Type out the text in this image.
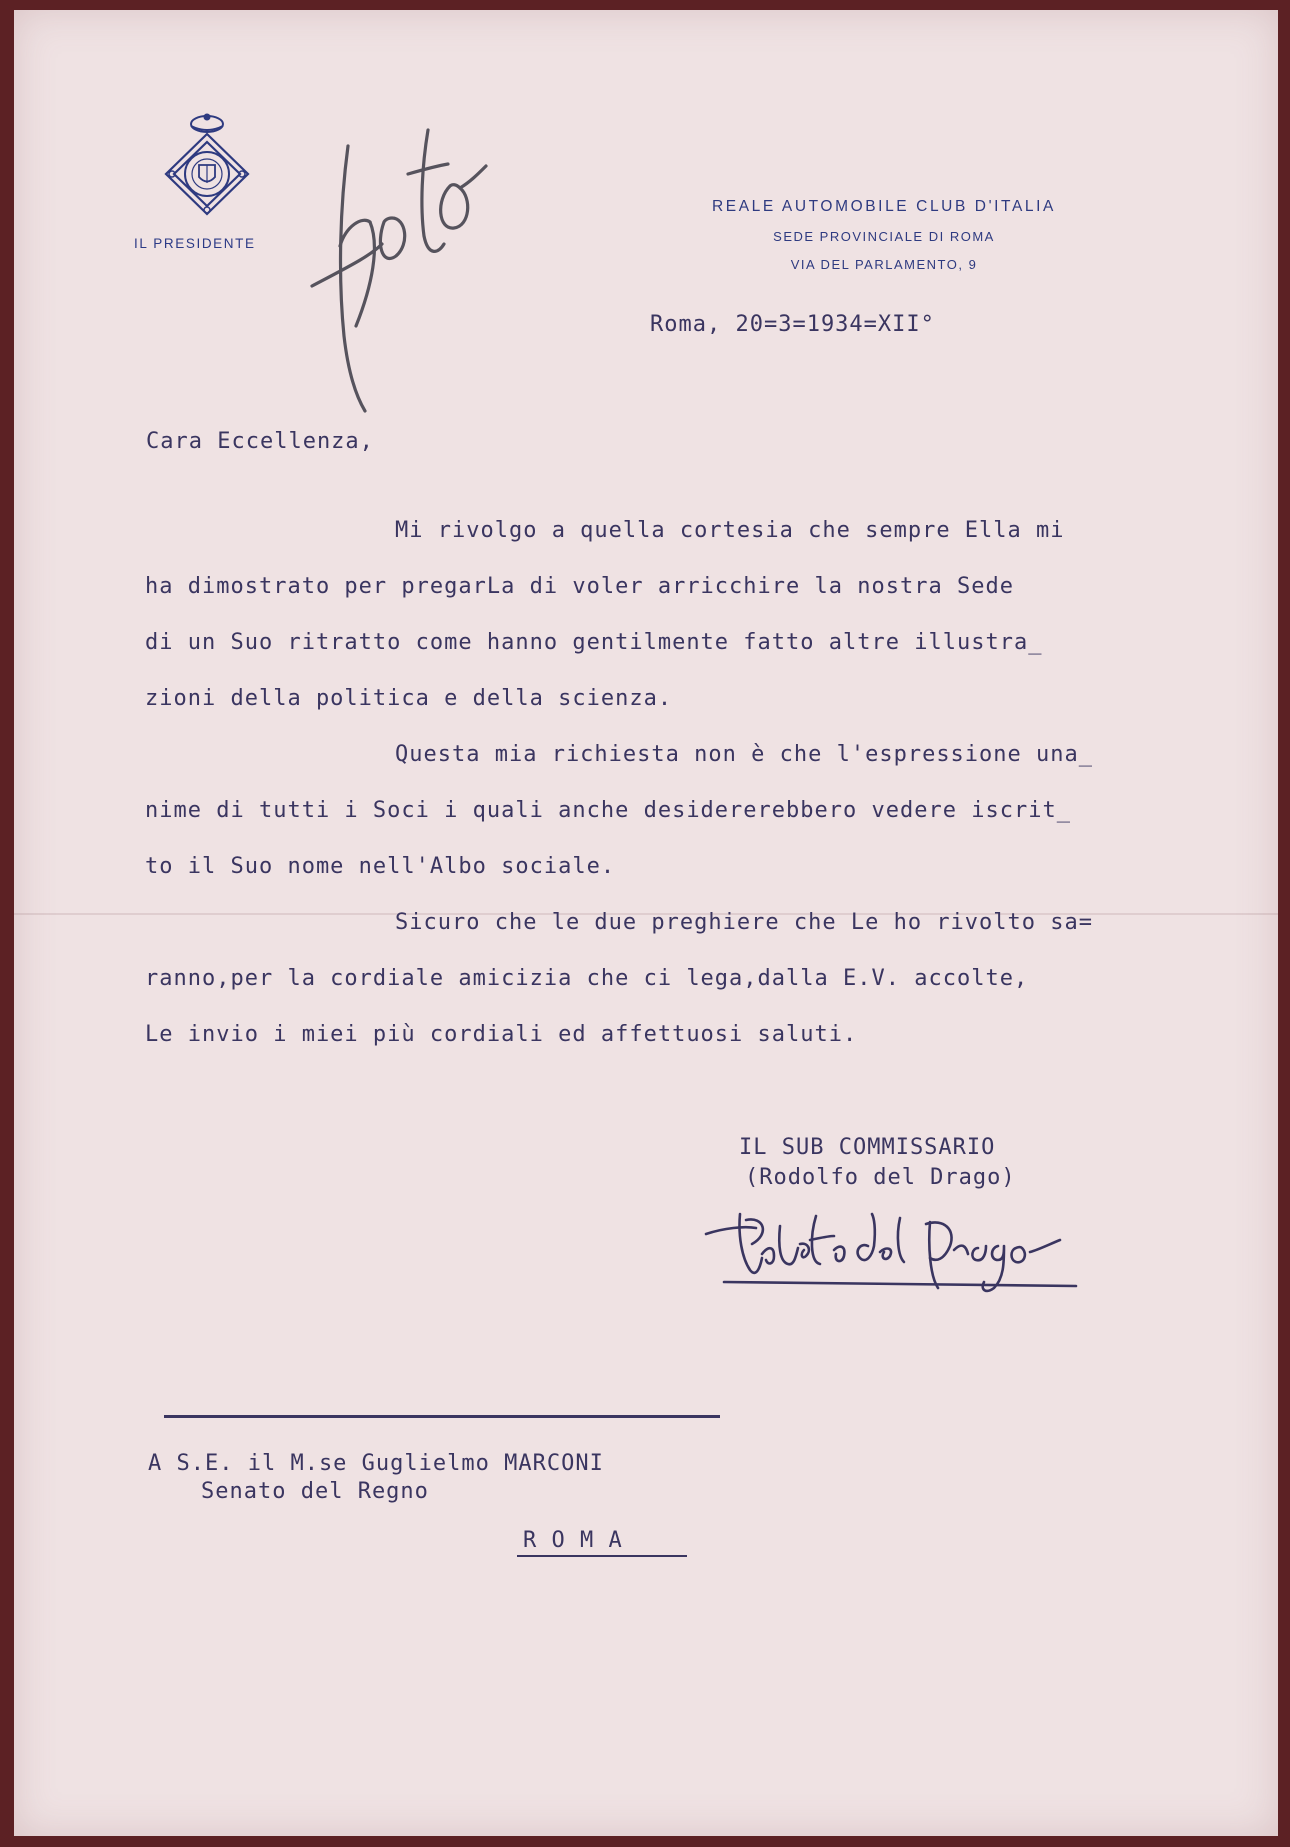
IL PRESIDENTE

REALE AUTOMOBILE CLUB D'ITALIA

SEDE PROVINCIALE DI ROMA

VIA DEL PARLAMENTO, 9

Roma, 20=3=1934=XII°
Cara Eccellenza,
Mi rivolgo a quella cortesia che sempre Ella mi
ha dimostrato per pregarLa di voler arricchire la nostra Sede
di un Suo ritratto come hanno gentilmente fatto altre illustra_
zioni della politica e della scienza.
Questa mia richiesta non è che l'espressione una_
nime di tutti i Soci i quali anche desidererebbero vedere iscrit_
to il Suo nome nell'Albo sociale.
Sicuro che le due preghiere che Le ho rivolto sa=
ranno,per la cordiale amicizia che ci lega,dalla E.V. accolte,
Le invio i miei più cordiali ed affettuosi saluti.
IL SUB COMMISSARIO
(Rodolfo del Drago)
A S.E. il M.se Guglielmo MARCONI
Senato del Regno
R O M A
